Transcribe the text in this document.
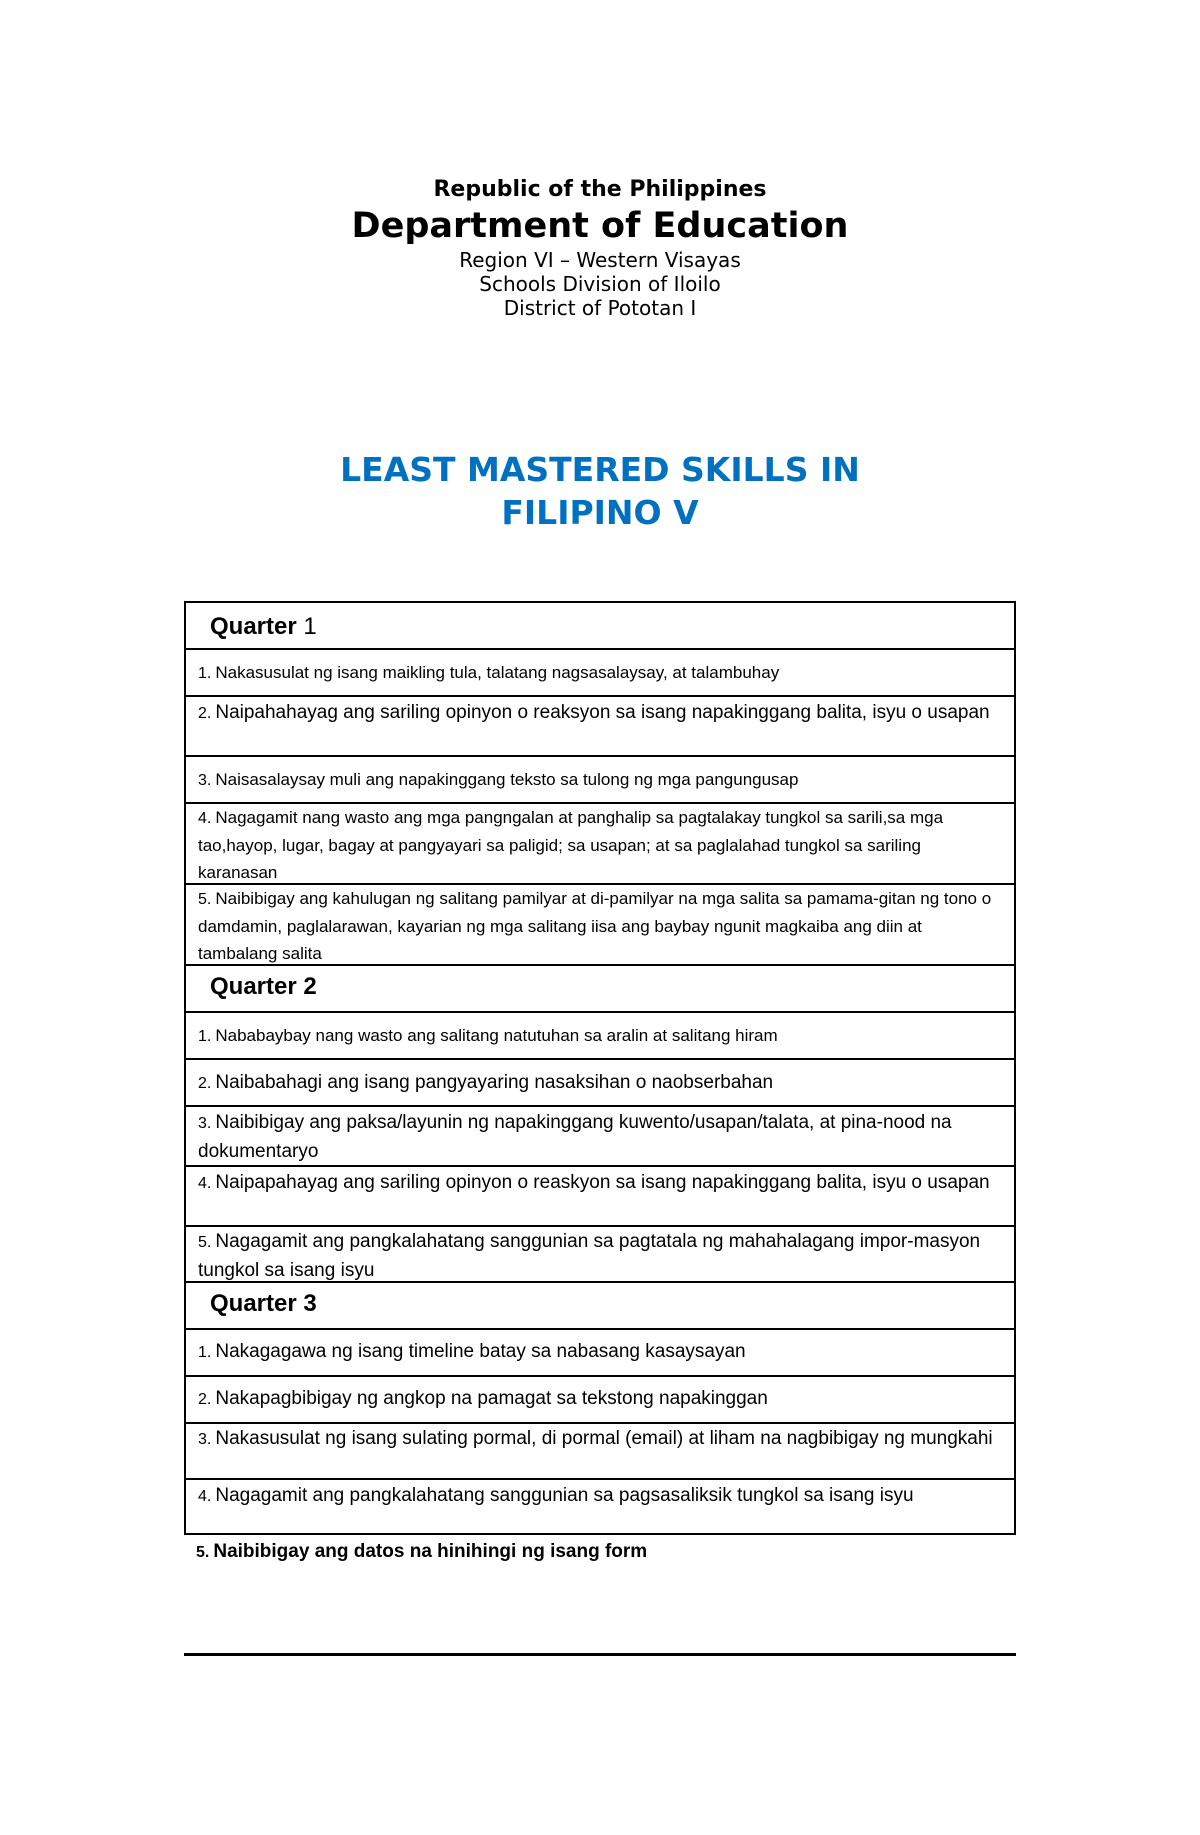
Republic of the Philippines
Department of Education
Region VI – Western Visayas
Schools Division of Iloilo
District of Pototan I
LEAST MASTERED SKILLS IN
FILIPINO V
Quarter 1
1. Nakasusulat ng isang maikling tula, talatang nagsasalaysay, at talambuhay
2. Naipahahayag ang sariling opinyon o reaksyon sa isang napakinggang balita, isyu o usapan
3. Naisasalaysay muli ang napakinggang teksto sa tulong ng mga pangungusap
4. Nagagamit nang wasto ang mga pangngalan at panghalip sa pagtalakay tungkol sa sarili,sa mga tao,hayop, lugar, bagay at pangyayari sa paligid; sa usapan; at sa paglalahad tungkol sa sariling karanasan
5. Naibibigay ang kahulugan ng salitang pamilyar at di-pamilyar na mga salita sa pamama-gitan ng tono o damdamin, paglalarawan, kayarian ng mga salitang iisa ang baybay ngunit magkaiba ang diin at tambalang salita
Quarter 2
1. Nababaybay nang wasto ang salitang natutuhan sa aralin at salitang hiram
2. Naibabahagi ang isang pangyayaring nasaksihan o naobserbahan
3. Naibibigay ang paksa/layunin ng napakinggang kuwento/usapan/talata, at pina-nood na dokumentaryo
4. Naipapahayag ang sariling opinyon o reaskyon sa isang napakinggang balita, isyu o usapan
5. Nagagamit ang pangkalahatang sanggunian sa pagtatala ng mahahalagang impor-masyon tungkol sa isang isyu
Quarter 3
1. Nakagagawa ng isang timeline batay sa nabasang kasaysayan
2. Nakapagbibigay ng angkop na pamagat sa tekstong napakinggan
3. Nakasusulat ng isang sulating pormal, di pormal (email) at liham na nagbibigay ng mungkahi
4. Nagagamit ang pangkalahatang sanggunian sa pagsasaliksik tungkol sa isang isyu
5. Naibibigay ang datos na hinihingi ng isang form
